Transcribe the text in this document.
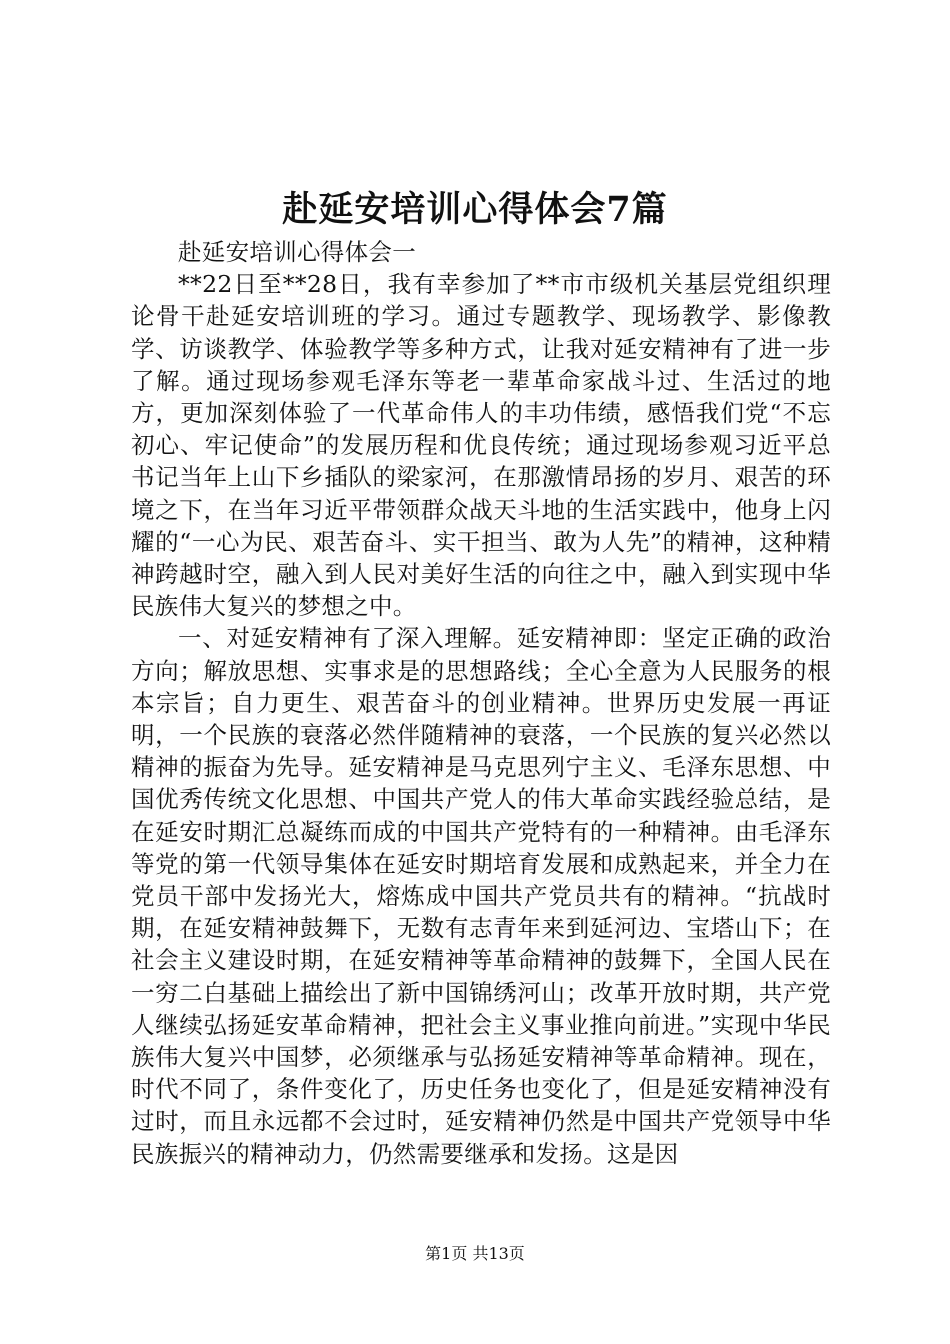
赴延安培训心得体会7篇

赴延安培训心得体会一

**22日至**28日，我有幸参加了**市市级机关基层党组织理论骨干赴延安培训班的学习。通过专题教学、现场教学、影像教学、访谈教学、体验教学等多种方式，让我对延安精神有了进一步了解。通过现场参观毛泽东等老一辈革命家战斗过、生活过的地方，更加深刻体验了一代革命伟人的丰功伟绩，感悟我们党“不忘初心、牢记使命”的发展历程和优良传统；通过现场参观习近平总书记当年上山下乡插队的梁家河，在那激情昂扬的岁月、艰苦的环境之下，在当年习近平带领群众战天斗地的生活实践中，他身上闪耀的“一心为民、艰苦奋斗、实干担当、敢为人先”的精神，这种精神跨越时空，融入到人民对美好生活的向往之中，融入到实现中华民族伟大复兴的梦想之中。

一、对延安精神有了深入理解。延安精神即：坚定正确的政治方向；解放思想、实事求是的思想路线；全心全意为人民服务的根本宗旨；自力更生、艰苦奋斗的创业精神。世界历史发展一再证明，一个民族的衰落必然伴随精神的衰落，一个民族的复兴必然以精神的振奋为先导。延安精神是马克思列宁主义、毛泽东思想、中国优秀传统文化思想、中国共产党人的伟大革命实践经验总结，是在延安时期汇总凝练而成的中国共产党特有的一种精神。由毛泽东等党的第一代领导集体在延安时期培育发展和成熟起来，并全力在党员干部中发扬光大，熔炼成中国共产党员共有的精神。“抗战时期，在延安精神鼓舞下，无数有志青年来到延河边、宝塔山下；在社会主义建设时期，在延安精神等革命精神的鼓舞下，全国人民在一穷二白基础上描绘出了新中国锦绣河山；改革开放时期，共产党人继续弘扬延安革命精神，把社会主义事业推向前进。”实现中华民族伟大复兴中国梦，必须继承与弘扬延安精神等革命精神。现在，时代不同了，条件变化了，历史任务也变化了，但是延安精神没有过时，而且永远都不会过时，延安精神仍然是中国共产党领导中华民族振兴的精神动力，仍然需要继承和发扬。这是因

第1页 共13页
